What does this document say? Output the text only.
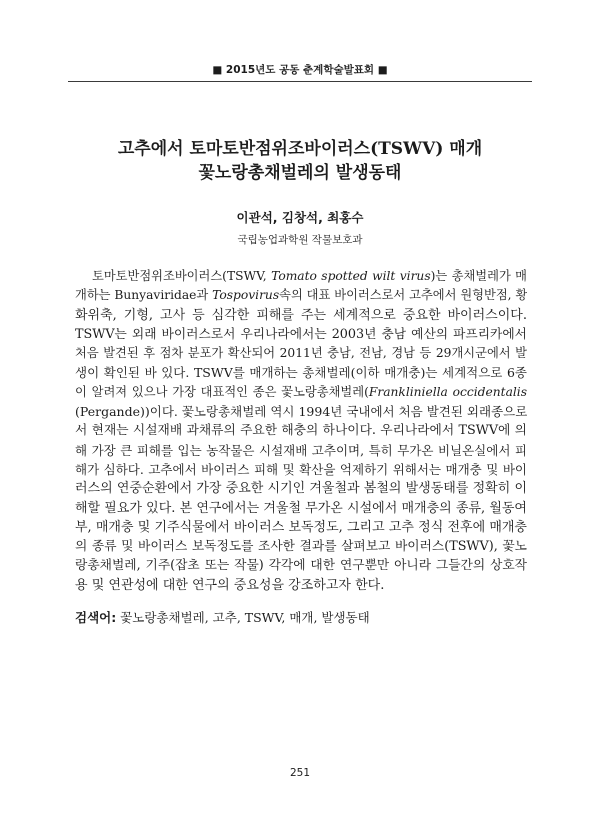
■ 2015년도 공동 춘계학술발표회 ■
고추에서 토마토반점위조바이러스(TSWV) 매개
꽃노랑총채벌레의 발생동태
이관석, 김창석, 최홍수
국립농업과학원 작물보호과
토마토반점위조바이러스(TSWV, Tomato spotted wilt virus)는 총채벌레가 매
개하는 Bunyaviridae과 Tospovirus속의 대표 바이러스로서 고추에서 원형반점, 황
화위축, 기형, 고사 등 심각한 피해를 주는 세계적으로 중요한 바이러스이다.
TSWV는 외래 바이러스로서 우리나라에서는 2003년 충남 예산의 파프리카에서
처음 발견된 후 점차 분포가 확산되어 2011년 충남, 전남, 경남 등 29개시군에서 발
생이 확인된 바 있다. TSWV를 매개하는 총채벌레(이하 매개충)는 세계적으로 6종
이 알려져 있으나 가장 대표적인 종은 꽃노랑총채벌레(Frankliniella occidentalis
(Pergande))이다. 꽃노랑총채벌레 역시 1994년 국내에서 처음 발견된 외래종으로
서 현재는 시설재배 과채류의 주요한 해충의 하나이다. 우리나라에서 TSWV에 의
해 가장 큰 피해를 입는 농작물은 시설재배 고추이며, 특히 무가온 비닐온실에서 피
해가 심하다. 고추에서 바이러스 피해 및 확산을 억제하기 위해서는 매개충 및 바이
러스의 연중순환에서 가장 중요한 시기인 겨울철과 봄철의 발생동태를 정확히 이
해할 필요가 있다. 본 연구에서는 겨울철 무가온 시설에서 매개충의 종류, 월동여
부, 매개충 및 기주식물에서 바이러스 보독정도, 그리고 고추 정식 전후에 매개충
의 종류 및 바이러스 보독정도를 조사한 결과를 살펴보고 바이러스(TSWV), 꽃노
랑총채벌레, 기주(잡초 또는 작물) 각각에 대한 연구뿐만 아니라 그들간의 상호작
용 및 연관성에 대한 연구의 중요성을 강조하고자 한다.
검색어: 꽃노랑총채벌레, 고추, TSWV, 매개, 발생동태
251
